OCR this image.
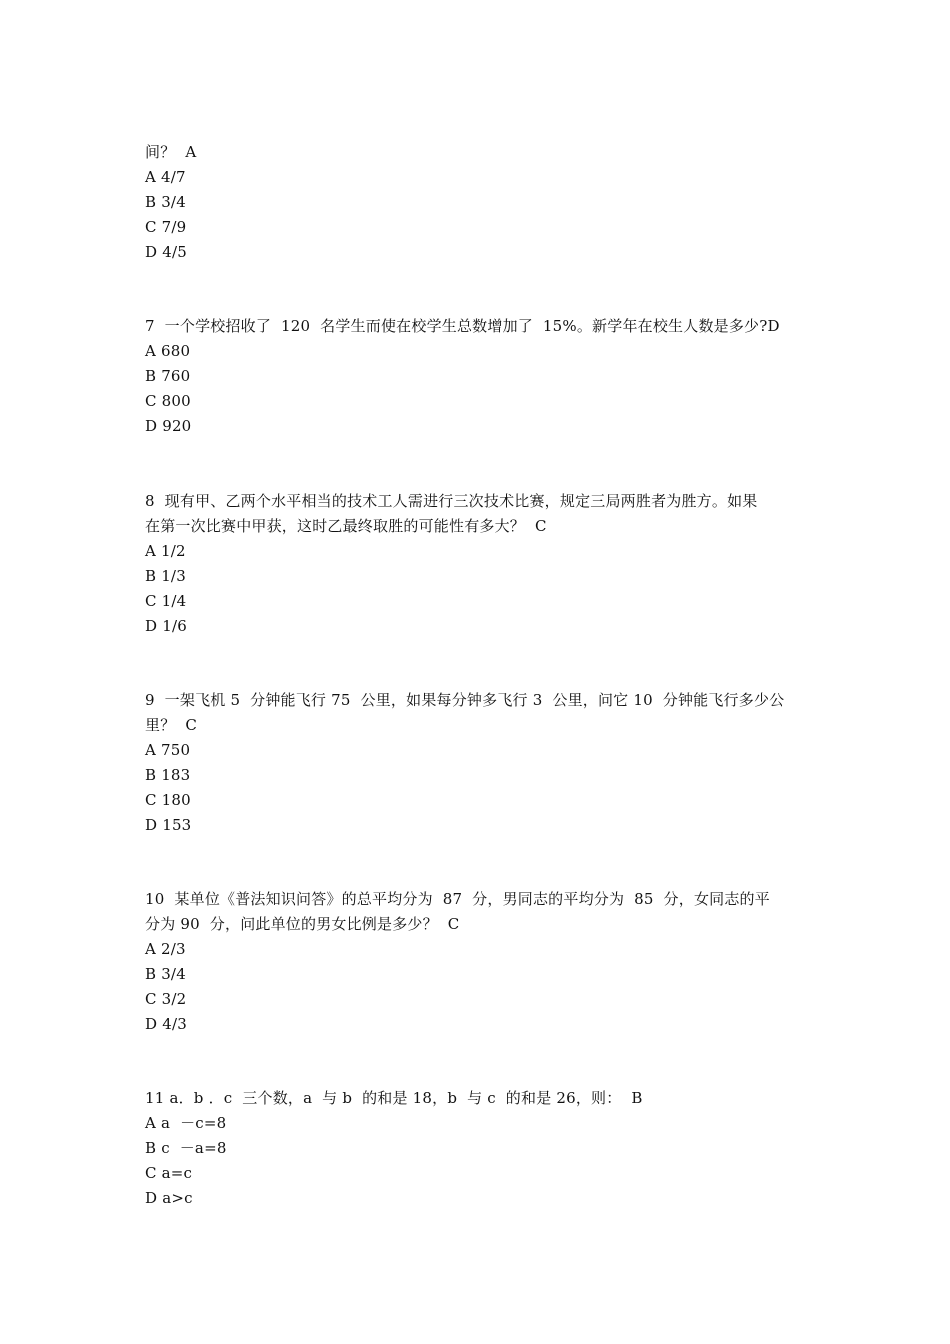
间？  A
A 4/7
B 3/4
C 7/9
D 4/5
7  一个学校招收了  120  名学生而使在校学生总数增加了  15%。新学年在校生人数是多少?D
A 680
B 760
C 800
D 920
8  现有甲、乙两个水平相当的技术工人需进行三次技术比赛，规定三局两胜者为胜方。如果
在第一次比赛中甲获，这时乙最终取胜的可能性有多大？  C
A 1/2
B 1/3
C 1/4
D 1/6
9  一架飞机 5  分钟能飞行 75  公里，如果每分钟多飞行 3  公里，问它 10  分钟能飞行多少公
里？  C
A 750
B 183
C 180
D 153
10  某单位《普法知识问答》的总平均分为  87  分，男同志的平均分为  85  分，女同志的平
分为 90  分，问此单位的男女比例是多少？  C
A 2/3
B 3/4
C 3/2
D 4/3
11 a．b ．c  三个数，a  与 b  的和是 18，b  与 c  的和是 26，则：  B
A a  －c=8
B c  －a=8
C a=c
D a>c
